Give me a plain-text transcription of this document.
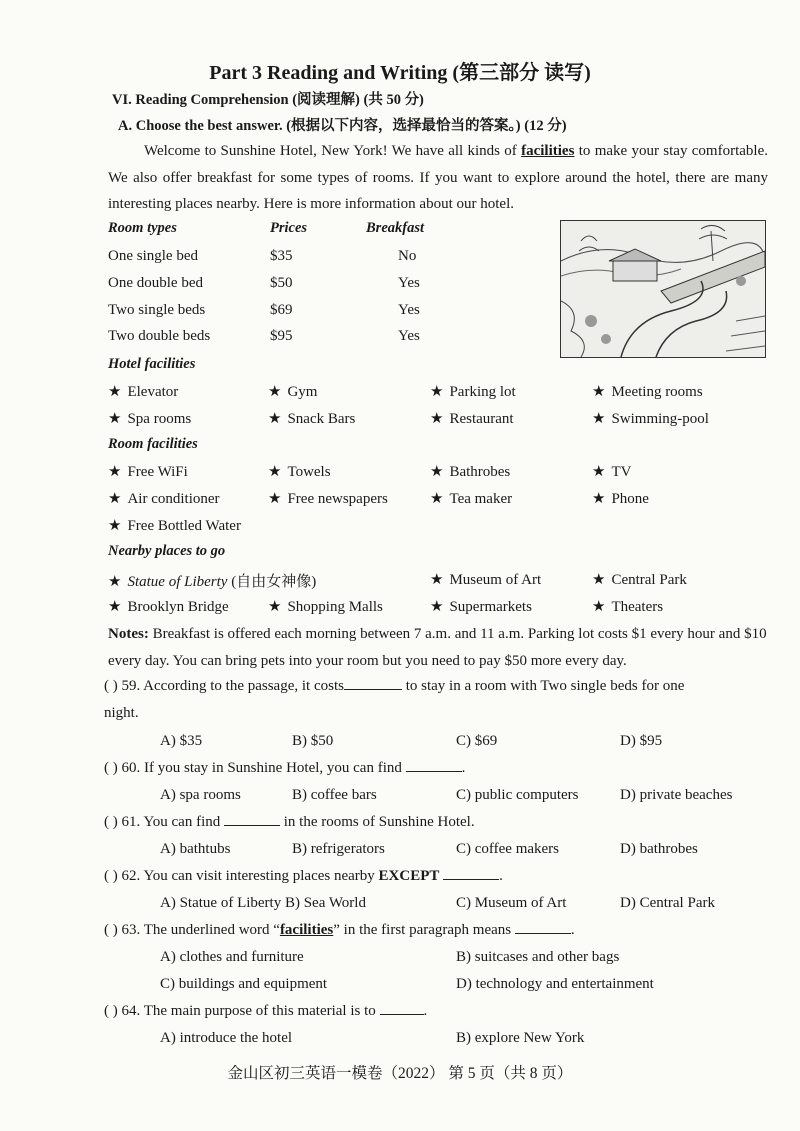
Part 3 Reading and Writing (第三部分 读写)
VI. Reading Comprehension (阅读理解) (共 50 分)
A. Choose the best answer. (根据以下内容，选择最恰当的答案。) (12 分)
Welcome to Sunshine Hotel, New York! We have all kinds of facilities to make your stay comfortable. We also offer breakfast for some types of rooms. If you want to explore around the hotel, there are many interesting places nearby. Here is more information about our hotel.
Room types	Prices	Breakfast
One single bed	$35	No
One double bed	$50	Yes
Two single beds	$69	Yes
Two double beds	$95	Yes
Hotel facilities
★ Elevator	★ Gym	★ Parking lot	★ Meeting rooms
★ Spa rooms	★ Snack Bars	★ Restaurant	★ Swimming-pool
Room facilities
★ Free WiFi	★ Towels	★ Bathrobes	★ TV
★ Air conditioner	★ Free newspapers	★ Tea maker	★ Phone
★ Free Bottled Water
Nearby places to go
★ Statue of Liberty (自由女神像)	★ Museum of Art	★ Central Park
★ Brooklyn Bridge	★ Shopping Malls	★ Supermarkets	★ Theaters
Notes: Breakfast is offered each morning between 7 a.m. and 11 a.m. Parking lot costs $1 every hour and $10 every day. You can bring pets into your room but you need to pay $50 more every day.
( ) 59. According to the passage, it costs	to stay in a room with Two single beds for one
night.
A) $35	B) $50	C) $69	D) $95
( ) 60. If you stay in Sunshine Hotel, you can find	.
A) spa rooms	B) coffee bars	C) public computers	D) private beaches
( ) 61. You can find	in the rooms of Sunshine Hotel.
A) bathtubs	B) refrigerators	C) coffee makers	D) bathrobes
( ) 62. You can visit interesting places nearby EXCEPT	.
A) Statue of Liberty B) Sea World	C) Museum of Art	D) Central Park
( ) 63. The underlined word “facilities” in the first paragraph means	.
A) clothes and furniture	B) suitcases and other bags
C) buildings and equipment	D) technology and entertainment
( ) 64. The main purpose of this material is to	.
A) introduce the hotel	B) explore New York
金山区初三英语一模卷（2022） 第 5 页（共 8 页）
